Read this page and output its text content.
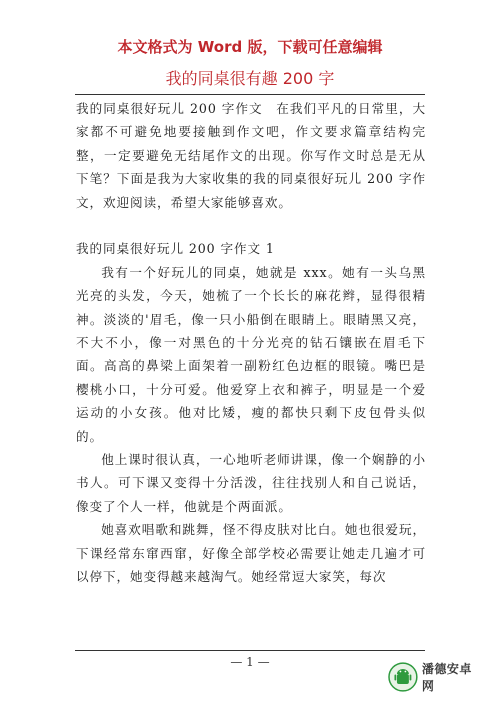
本文格式为 Word 版，下载可任意编辑
我的同桌很有趣 200 字

我的同桌很好玩儿 200 字作文　在我们平凡的日常里，大家都不可避免地要接触到作文吧，作文要求篇章结构完整，一定要避免无结尾作文的出现。你写作文时总是无从下笔？下面是我为大家收集的我的同桌很好玩儿 200 字作文，欢迎阅读，希望大家能够喜欢。

我的同桌很好玩儿 200 字作文 1

我有一个好玩儿的同桌，她就是 xxx。她有一头乌黑光亮的头发，今天，她梳了一个长长的麻花辫，显得很精神。淡淡的'眉毛，像一只小船倒在眼睛上。眼睛黑又亮，不大不小，像一对黑色的十分光亮的钻石镶嵌在眉毛下面。高高的鼻梁上面架着一副粉红色边框的眼镜。嘴巴是樱桃小口，十分可爱。他爱穿上衣和裤子，明显是一个爱运动的小女孩。他对比矮，瘦的都快只剩下皮包骨头似的。

他上课时很认真，一心地听老师讲课，像一个娴静的小书人。可下课又变得十分活泼，往往找别人和自己说话，像变了个人一样，他就是个两面派。

她喜欢唱歌和跳舞，怪不得皮肤对比白。她也很爱玩，下课经常东窜西窜，好像全部学校必需要让她走几遍才可以停下，她变得越来越淘气。她经常逗大家笑，每次

— 1 —	潘德安卓网
